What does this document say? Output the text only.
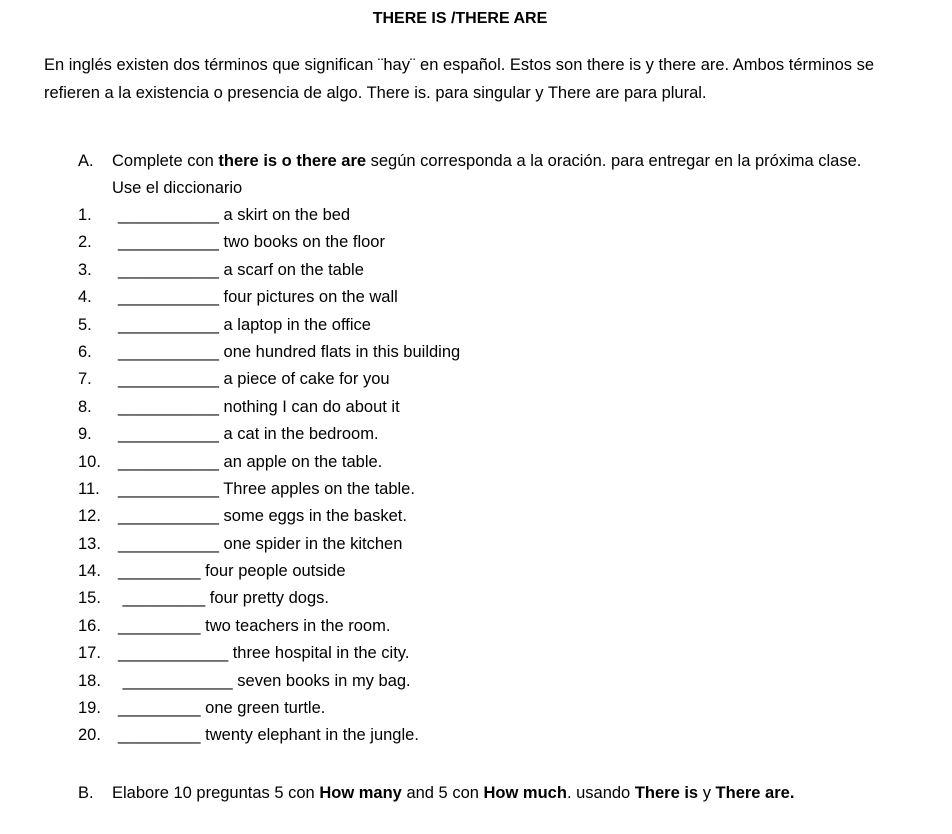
THERE IS /THERE ARE
En inglés existen dos términos que significan ¨hay¨ en español. Estos son there is y there are. Ambos términos se refieren a la existencia o presencia de algo. There is. para singular y There are para plural.
A. Complete con there is o there are según corresponda a la oración. para entregar en la próxima clase. Use el diccionario
1. ___________ a skirt on the bed
2. ___________ two books on the floor
3. ___________ a scarf on the table
4. ___________ four pictures on the wall
5. ___________ a laptop in the office
6. ___________ one hundred flats in this building
7. ___________ a piece of cake for you
8. ___________ nothing I can do about it
9. ___________ a cat in the bedroom.
10. ___________ an apple on the table.
11. ___________ Three apples on the table.
12. ___________ some eggs in the basket.
13. ___________ one spider in the kitchen
14. _________ four people outside
15. _________ four pretty dogs.
16. _________ two teachers in the room.
17. ____________ three hospital in the city.
18. ____________ seven books in my bag.
19. _________ one green turtle.
20. _________ twenty elephant in the jungle.
B. Elabore 10 preguntas 5 con How many and 5 con How much. usando There is y There are.
